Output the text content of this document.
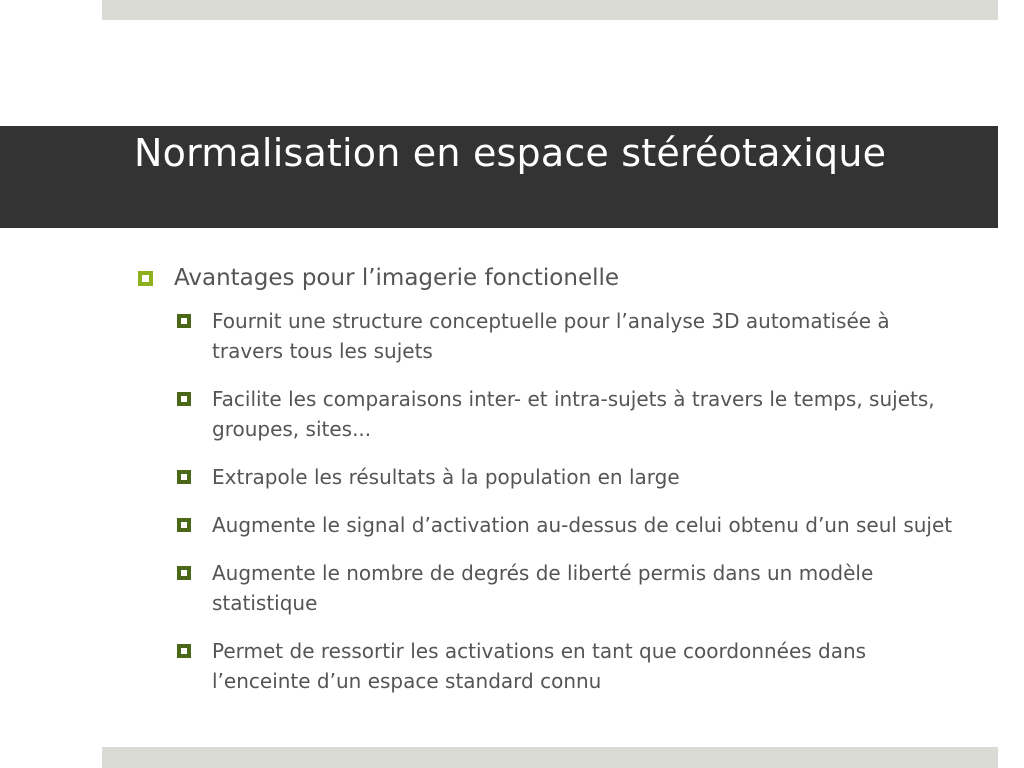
Normalisation en espace stéréotaxique
Avantages pour l’imagerie fonctionelle
Fournit une structure conceptuelle pour l’analyse 3D automatisée à travers tous les sujets
Facilite les comparaisons inter- et intra-sujets à travers le temps, sujets, groupes, sites...
Extrapole les résultats à la population en large
Augmente le signal d’activation au-dessus de celui obtenu d’un seul sujet
Augmente le nombre de degrés de liberté permis dans un modèle statistique
Permet de ressortir les activations en tant que coordonnées dans l’enceinte d’un espace standard connu
